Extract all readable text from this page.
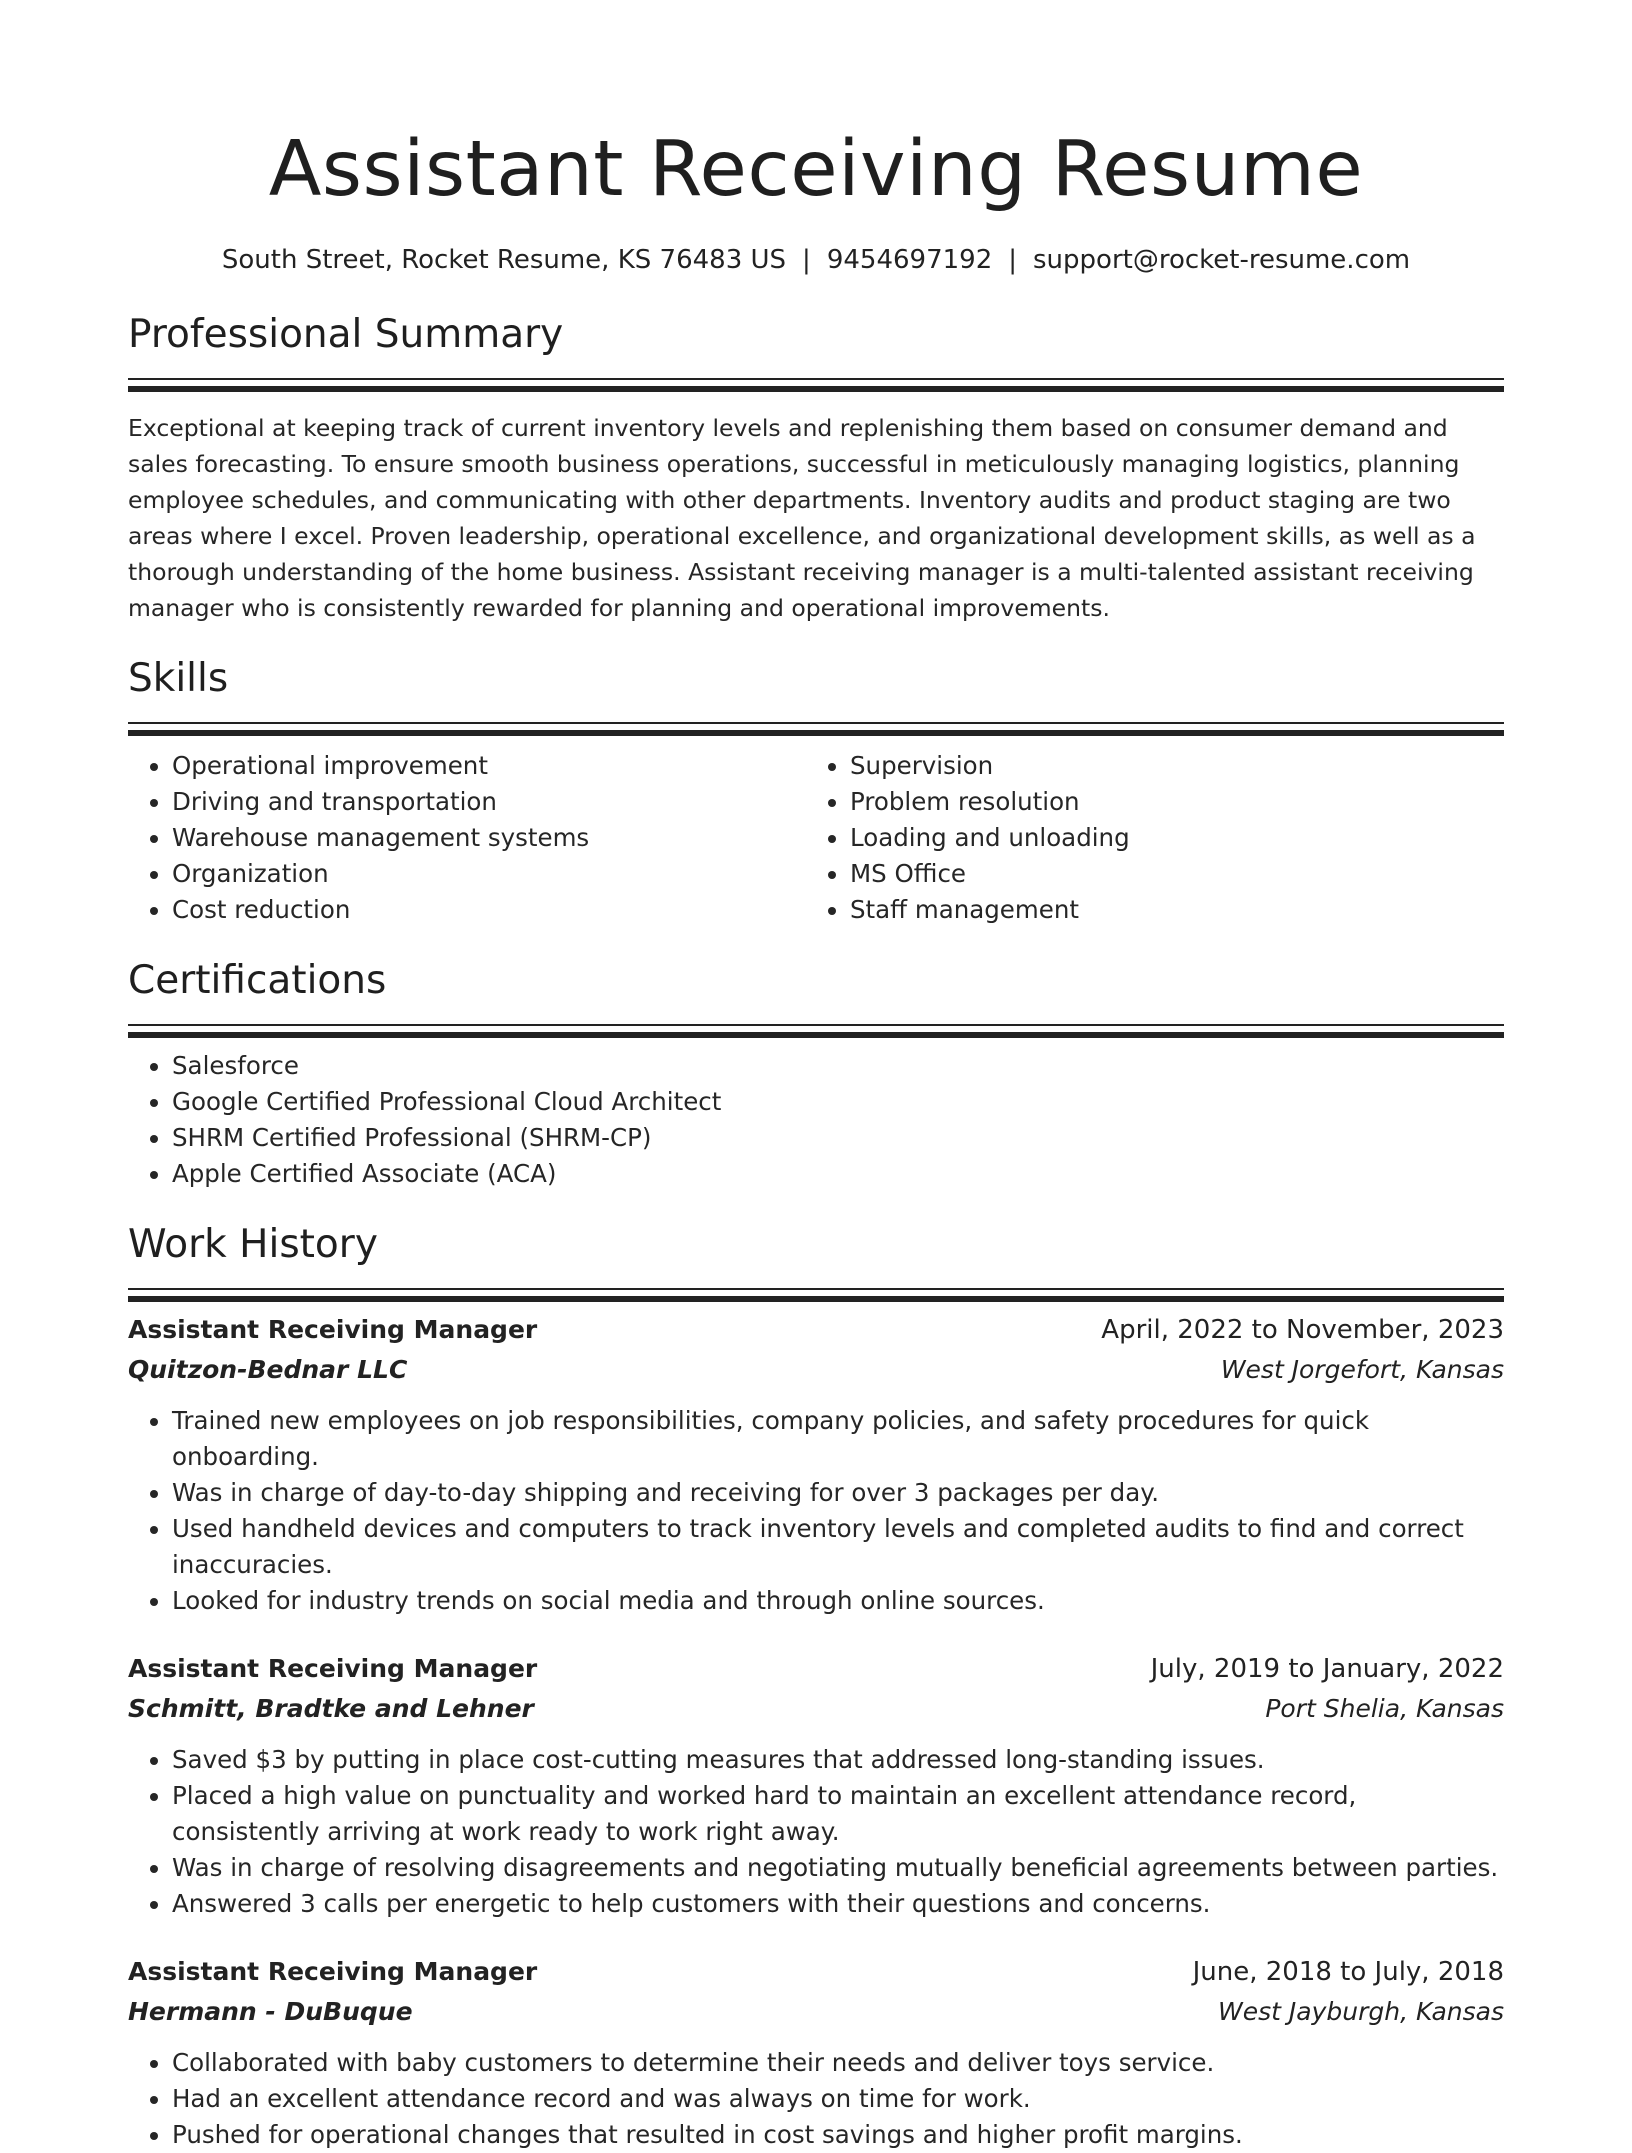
Assistant Receiving Resume
South Street, Rocket Resume, KS 76483 US | 9454697192 | support@rocket-resume.com
Professional Summary

Exceptional at keeping track of current inventory levels and replenishing them based on consumer demand and sales forecasting. To ensure smooth business operations, successful in meticulously managing logistics, planning employee schedules, and communicating with other departments. Inventory audits and product staging are two areas where I excel. Proven leadership, operational excellence, and organizational development skills, as well as a thorough understanding of the home business. Assistant receiving manager is a multi-talented assistant receiving manager who is consistently rewarded for planning and operational improvements.

Skills
• Operational improvement
• Driving and transportation
• Warehouse management systems
• Organization
• Cost reduction
• Supervision
• Problem resolution
• Loading and unloading
• MS Office
• Staff management
Certifications
• Salesforce
• Google Certified Professional Cloud Architect
• SHRM Certified Professional (SHRM-CP)
• Apple Certified Associate (ACA)
Work History
Assistant Receiving Manager	April, 2022 to November, 2023
Quitzon-Bednar LLC	West Jorgefort, Kansas
• Trained new employees on job responsibilities, company policies, and safety procedures for quick onboarding.
• Was in charge of day-to-day shipping and receiving for over 3 packages per day.
• Used handheld devices and computers to track inventory levels and completed audits to find and correct inaccuracies.
• Looked for industry trends on social media and through online sources.
Assistant Receiving Manager	July, 2019 to January, 2022
Schmitt, Bradtke and Lehner	Port Shelia, Kansas
• Saved $3 by putting in place cost-cutting measures that addressed long-standing issues.
• Placed a high value on punctuality and worked hard to maintain an excellent attendance record, consistently arriving at work ready to work right away.
• Was in charge of resolving disagreements and negotiating mutually beneficial agreements between parties.
• Answered 3 calls per energetic to help customers with their questions and concerns.
Assistant Receiving Manager	June, 2018 to July, 2018
Hermann - DuBuque	West Jayburgh, Kansas
• Collaborated with baby customers to determine their needs and deliver toys service.
• Had an excellent attendance record and was always on time for work.
• Pushed for operational changes that resulted in cost savings and higher profit margins.
